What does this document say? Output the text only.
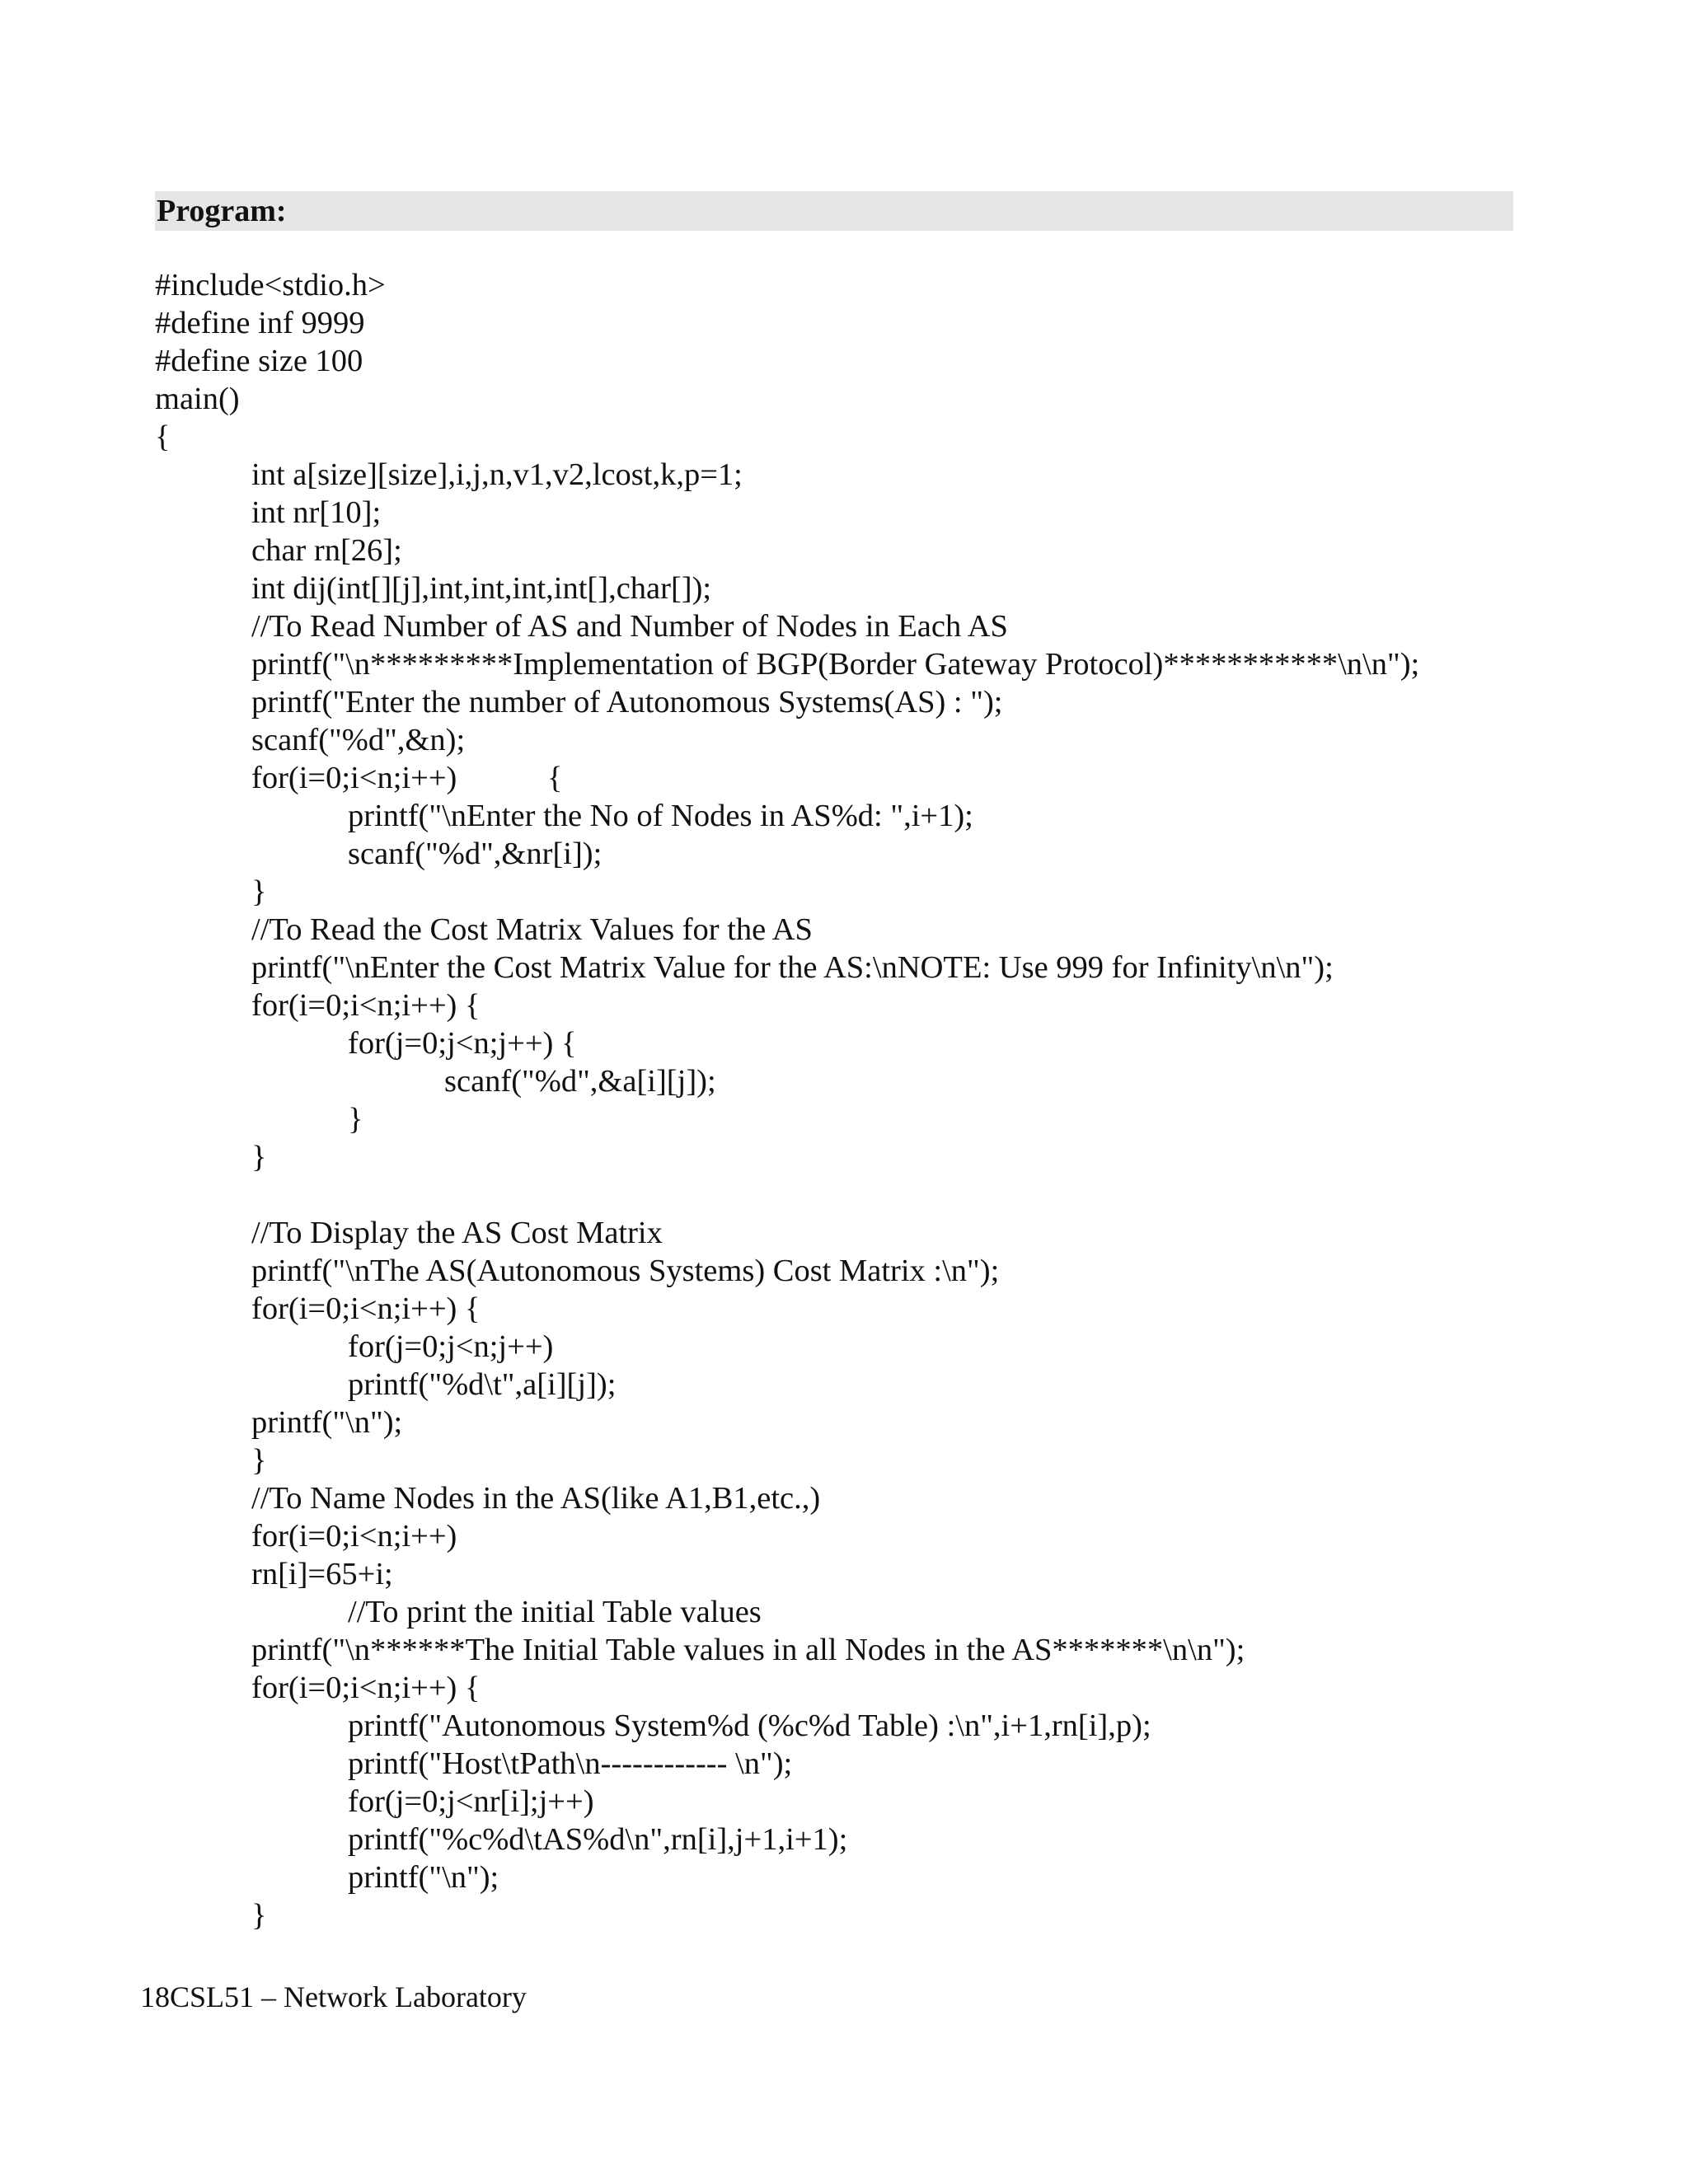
Program:
#include<stdio.h>
#define inf 9999
#define size 100
main()
{
int a[size][size],i,j,n,v1,v2,lcost,k,p=1;
int nr[10];
char rn[26];
int dij(int[][j],int,int,int,int[],char[]);
//To Read Number of AS and Number of Nodes in Each AS
printf("\n*********Implementation of BGP(Border Gateway Protocol)***********\n\n");
printf("Enter the number of Autonomous Systems(AS) : ");
scanf("%d",&n);
for(i=0;i<n;i++)	{
printf("\nEnter the No of Nodes in AS%d: ",i+1);
scanf("%d",&nr[i]);
}
//To Read the Cost Matrix Values for the AS
printf("\nEnter the Cost Matrix Value for the AS:\nNOTE: Use 999 for Infinity\n\n");
for(i=0;i<n;i++) {
for(j=0;j<n;j++) {
scanf("%d",&a[i][j]);
}
}
//To Display the AS Cost Matrix
printf("\nThe AS(Autonomous Systems) Cost Matrix :\n");
for(i=0;i<n;i++) {
for(j=0;j<n;j++)
printf("%d\t",a[i][j]);
printf("\n");
}
//To Name Nodes in the AS(like A1,B1,etc.,)
for(i=0;i<n;i++)
rn[i]=65+i;
//To print the initial Table values
printf("\n******The Initial Table values in all Nodes in the AS*******\n\n");
for(i=0;i<n;i++) {
printf("Autonomous System%d (%c%d Table) :\n",i+1,rn[i],p);
printf("Host\tPath\n------------ \n");
for(j=0;j<nr[i];j++)
printf("%c%d\tAS%d\n",rn[i],j+1,i+1);
printf("\n");
}
18CSL51 – Network Laboratory
